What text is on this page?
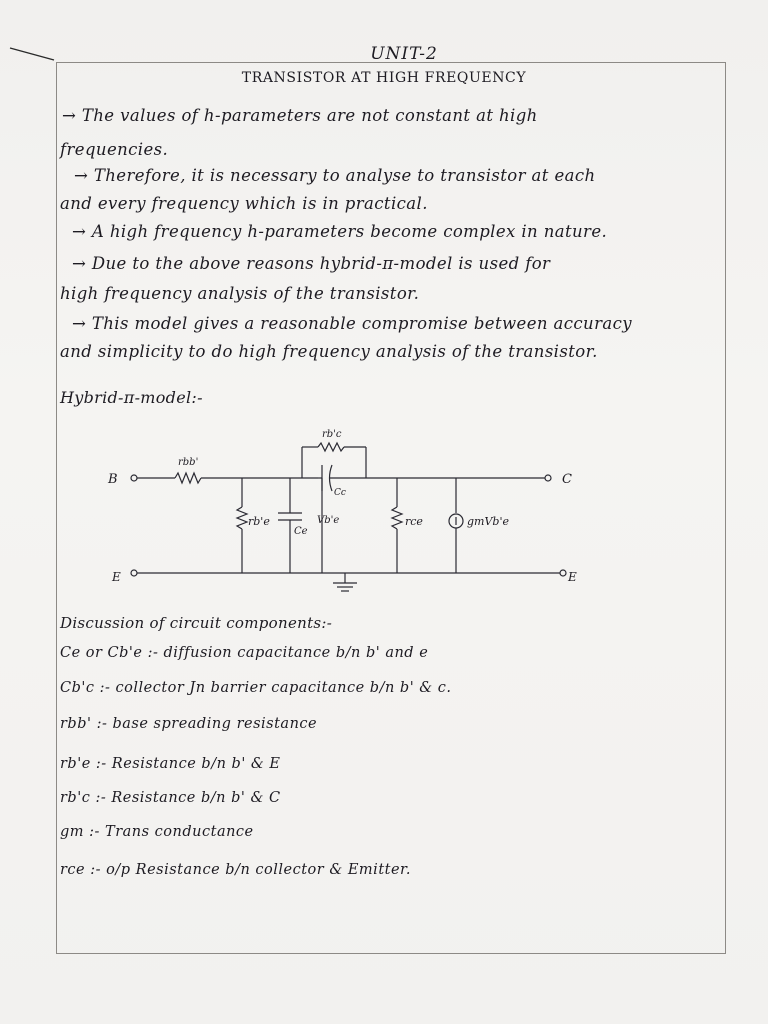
UNIT-2
TRANSISTOR AT HIGH FREQUENCY
→ The values of h-parameters are not constant at high
frequencies.
→ Therefore, it is necessary to analyse to transistor at each
and every frequency which is in practical.
→ A high frequency h-parameters become complex in nature.
→ Due to the above reasons hybrid-π-model is used for
high frequency analysis of the transistor.
→ This model gives a reasonable compromise between accuracy
and simplicity to do high frequency analysis of the transistor.
Hybrid-π-model:-
B	C
E	E
rbb'
rb'c
Cc
rb'e
Ce
Vb'e	rce	gmVb'e
Discussion of circuit components:-
Ce or Cb'e :- diffusion capacitance b/n b' and e
Cb'c :- collector Jn barrier capacitance b/n b' & c.
rbb' :- base spreading resistance
rb'e :- Resistance b/n b' & E
rb'c :- Resistance b/n b' & C
gm :- Trans conductance
rce :- o/p Resistance b/n collector & Emitter.
